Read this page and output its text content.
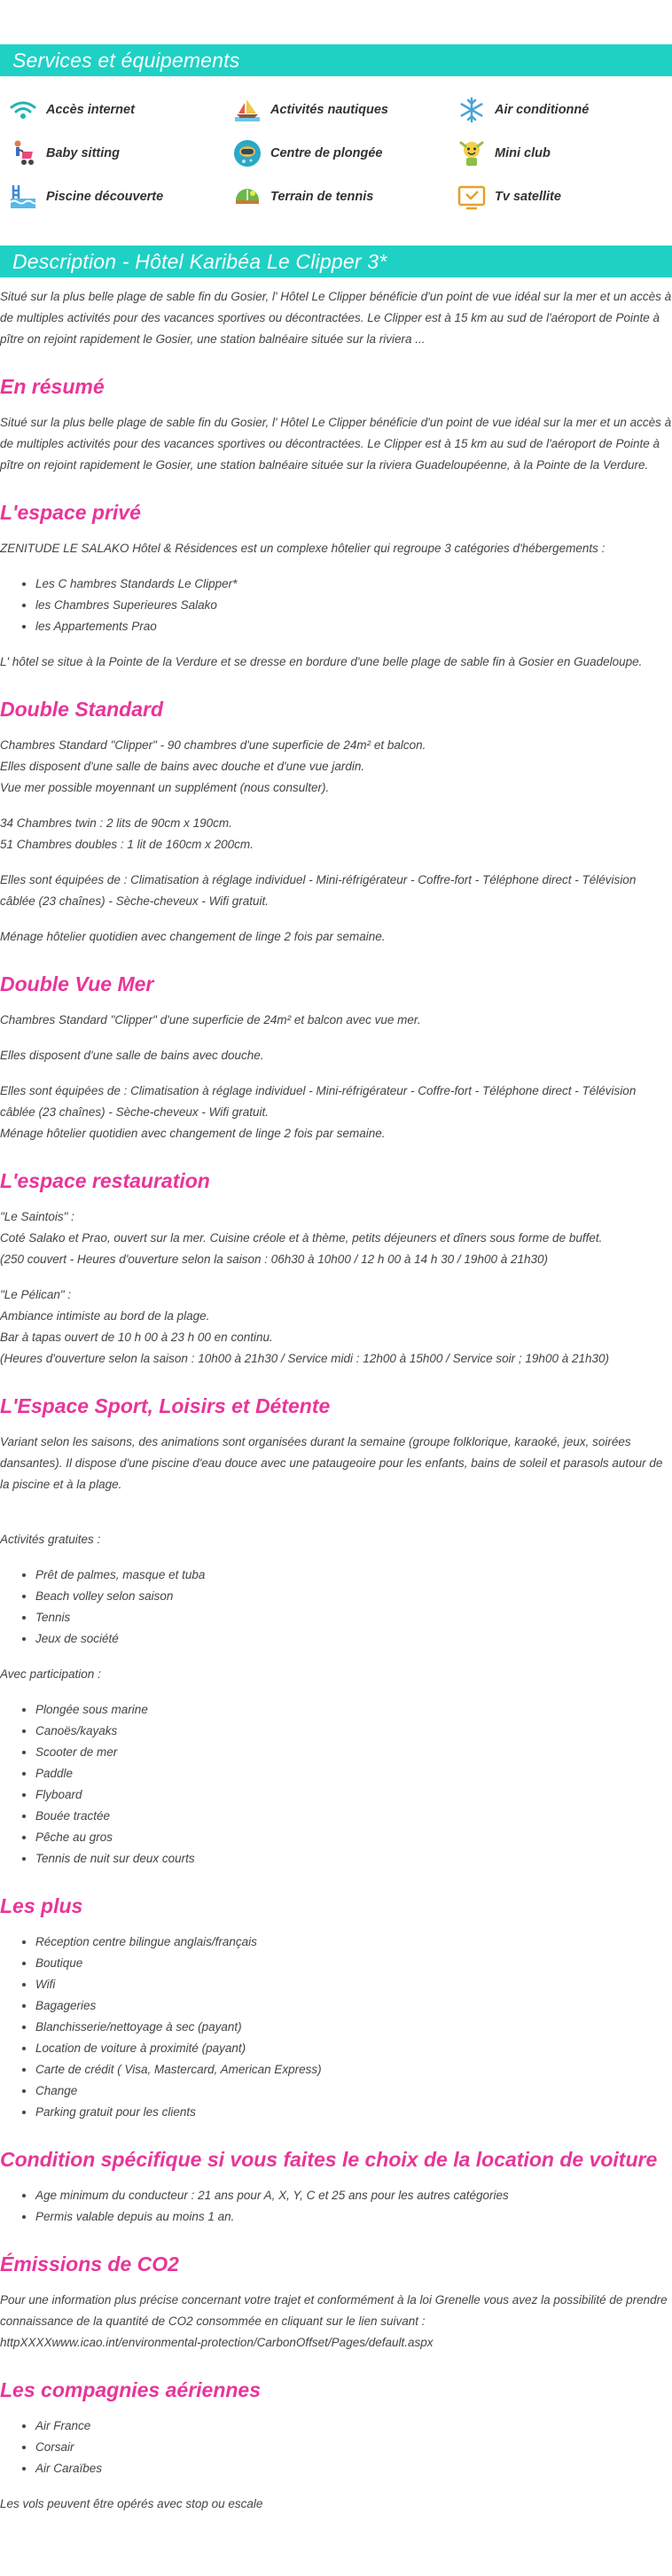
Services et équipements
Accès internet	Activités nautiques	Air conditionné
Baby sitting	Centre de plongée	Mini club
Piscine découverte	Terrain de tennis	Tv satellite
Description - Hôtel Karibéa Le Clipper 3*

Situé sur la plus belle plage de sable fin du Gosier, l' Hôtel Le Clipper bénéficie d'un point de vue idéal sur la mer et un accès à de multiples activités pour des vacances sportives ou décontractées. Le Clipper est à 15 km au sud de l'aéroport de Pointe à pître on rejoint rapidement le Gosier, une station balnéaire située sur la riviera ...

En résumé

Situé sur la plus belle plage de sable fin du Gosier, l' Hôtel Le Clipper bénéficie d'un point de vue idéal sur la mer et un accès à de multiples activités pour des vacances sportives ou décontractées. Le Clipper est à 15 km au sud de l'aéroport de Pointe à pître on rejoint rapidement le Gosier, une station balnéaire située sur la riviera Guadeloupéenne, à la Pointe de la Verdure.

L'espace privé

ZENITUDE LE SALAKO Hôtel & Résidences est un complexe hôtelier qui regroupe 3 catégories d'hébergements :

• Les C hambres Standards Le Clipper*
• les Chambres Superieures Salako
• les Appartements Prao

L' hôtel se situe à la Pointe de la Verdure et se dresse en bordure d'une belle plage de sable fin à Gosier en Guadeloupe.

Double Standard

Chambres Standard "Clipper" - 90 chambres d'une superficie de 24m² et balcon.
Elles disposent d'une salle de bains avec douche et d'une vue jardin.
Vue mer possible moyennant un supplément (nous consulter).

34 Chambres twin : 2 lits de 90cm x 190cm.
51 Chambres doubles : 1 lit de 160cm x 200cm.

Elles sont équipées de : Climatisation à réglage individuel - Mini-réfrigérateur - Coffre-fort - Téléphone direct - Télévision câblée (23 chaînes) - Sèche-cheveux - Wifi gratuit.

Ménage hôtelier quotidien avec changement de linge 2 fois par semaine.

Double Vue Mer

Chambres Standard "Clipper" d'une superficie de 24m² et balcon avec vue mer.

Elles disposent d'une salle de bains avec douche.

Elles sont équipées de : Climatisation à réglage individuel - Mini-réfrigérateur - Coffre-fort - Téléphone direct - Télévision câblée (23 chaînes) - Sèche-cheveux - Wifi gratuit.
Ménage hôtelier quotidien avec changement de linge 2 fois par semaine.

L'espace restauration

"Le Saintois" :
Coté Salako et Prao, ouvert sur la mer. Cuisine créole et à thème, petits déjeuners et dîners sous forme de buffet.
(250 couvert - Heures d'ouverture selon la saison : 06h30 à 10h00 / 12 h 00 à 14 h 30 / 19h00 à 21h30)

"Le Pélican" :
Ambiance intimiste au bord de la plage.
Bar à tapas ouvert de 10 h 00 à 23 h 00 en continu.
(Heures d'ouverture selon la saison : 10h00 à 21h30 / Service midi : 12h00 à 15h00 / Service soir ; 19h00 à 21h30)

L'Espace Sport, Loisirs et Détente

Variant selon les saisons, des animations sont organisées durant la semaine (groupe folklorique, karaoké, jeux, soirées dansantes). Il dispose d'une piscine d'eau douce avec une pataugeoire pour les enfants, bains de soleil et parasols autour de la piscine et à la plage.

Activités gratuites :

• Prêt de palmes, masque et tuba
• Beach volley selon saison
• Tennis
• Jeux de société

Avec participation :

• Plongée sous marine
• Canoës/kayaks
• Scooter de mer
• Paddle
• Flyboard
• Bouée tractée
• Pêche au gros
• Tennis de nuit sur deux courts
Les plus
• Réception centre bilingue anglais/français
• Boutique
• Wifi
• Bagageries
• Blanchisserie/nettoyage à sec (payant)
• Location de voiture à proximité (payant)
• Carte de crédit ( Visa, Mastercard, American Express)
• Change
• Parking gratuit pour les clients
Condition spécifique si vous faites le choix de la location de voiture
• Age minimum du conducteur : 21 ans pour A, X, Y, C et 25 ans pour les autres catégories
• Permis valable depuis au moins 1 an.
Émissions de CO2

Pour une information plus précise concernant votre trajet et conformément à la loi Grenelle vous avez la possibilité de prendre connaissance de la quantité de CO2 consommée en cliquant sur le lien suivant :
httpXXXXwww.icao.int/environmental-protection/CarbonOffset/Pages/default.aspx

Les compagnies aériennes
• Air France
• Corsair
• Air Caraïbes

Les vols peuvent être opérés avec stop ou escale
